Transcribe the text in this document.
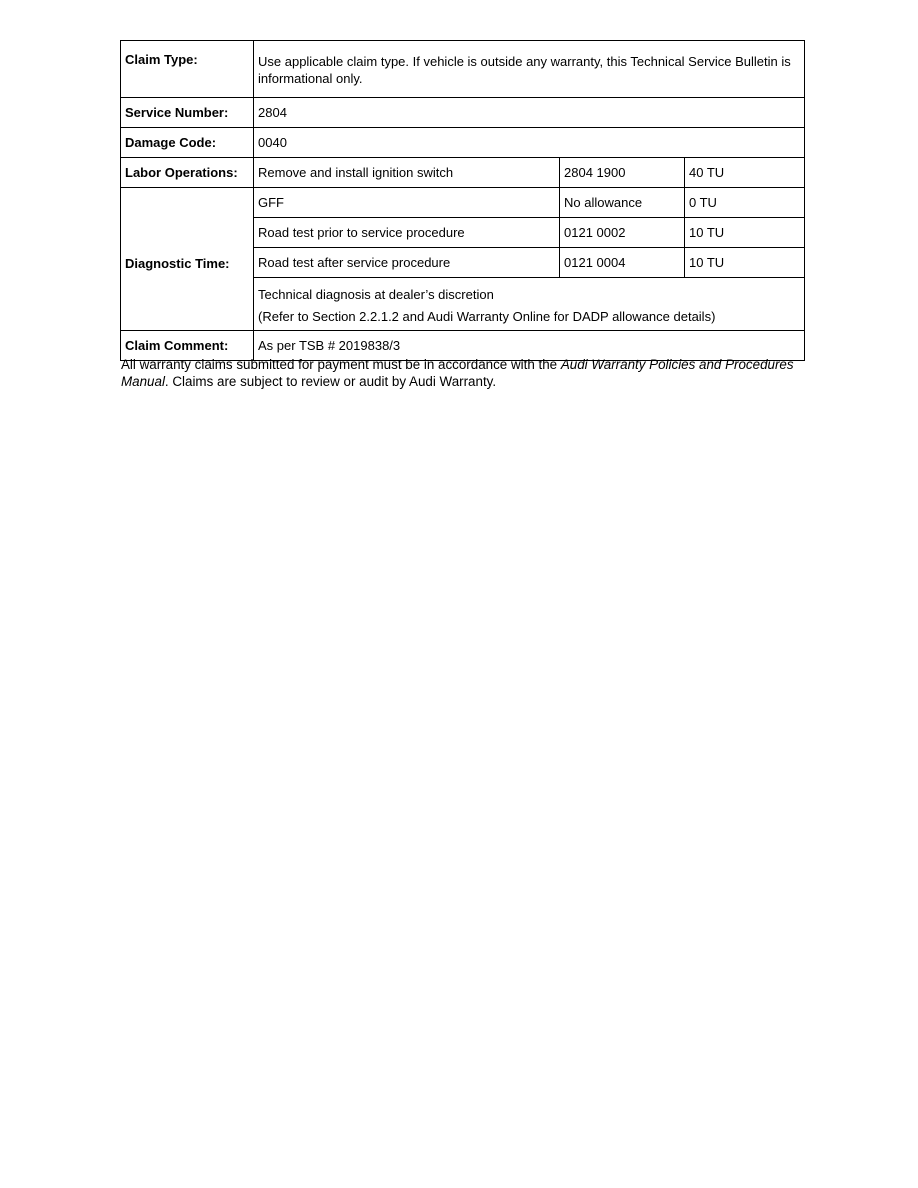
Claim Type:	Use applicable claim type. If vehicle is outside any warranty, this Technical Service Bulletin is informational only.		
Service Number:	2804		
Damage Code:	0040		
Labor Operations:	Remove and install ignition switch	2804 1900	40 TU
Diagnostic Time:	GFF	No allowance	0 TU
	Road test prior to service procedure	0121 0002	10 TU
	Road test after service procedure	0121 0004	10 TU

	Technical diagnosis at dealer’s discretion
(Refer to Section 2.2.1.2 and Audi Warranty Online for DADP allowance details)		

Claim Comment:	As per TSB # 2019838/3		

All warranty claims submitted for payment must be in accordance with the Audi Warranty Policies and Procedures Manual. Claims are subject to review or audit by Audi Warranty.
